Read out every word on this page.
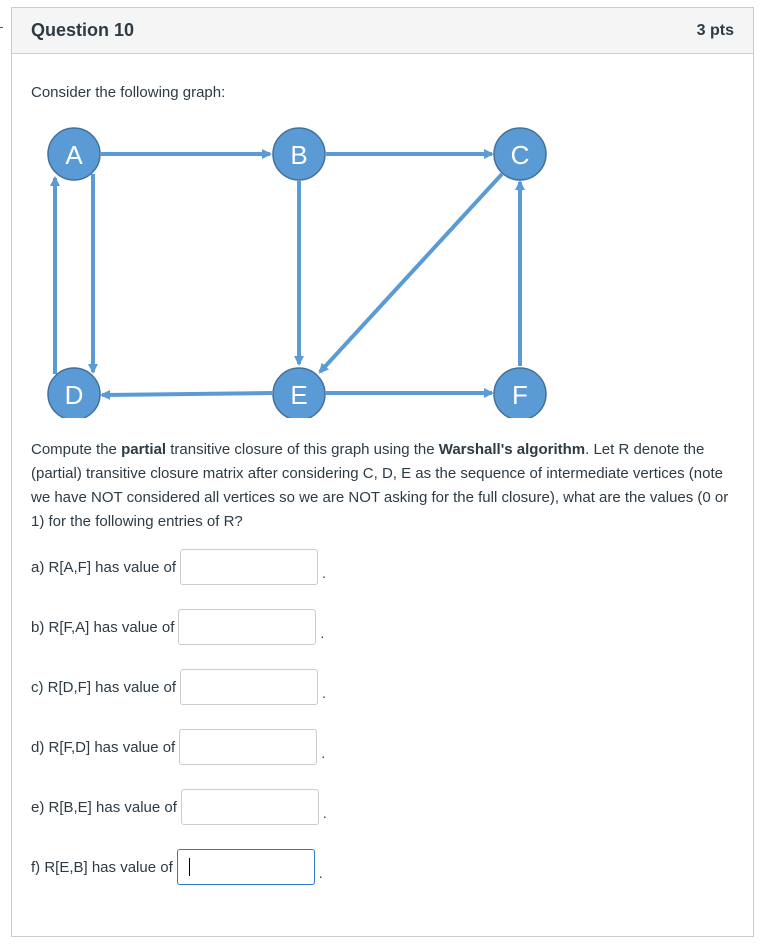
Question 10	3 pts
Consider the following graph:
A	B	C
D	E	F
Compute the partial transitive closure of this graph using the Warshall's algorithm. Let R denote the (partial) transitive closure matrix after considering C, D, E as the sequence of intermediate vertices (note we have NOT considered all vertices so we are NOT asking for the full closure), what are the values (0 or 1) for the following entries of R?
a) R[A,F] has value of	.
b) R[F,A] has value of	.
c) R[D,F] has value of	.
d) R[F,D] has value of	.
e) R[B,E] has value of	.
f) R[E,B] has value of	.
